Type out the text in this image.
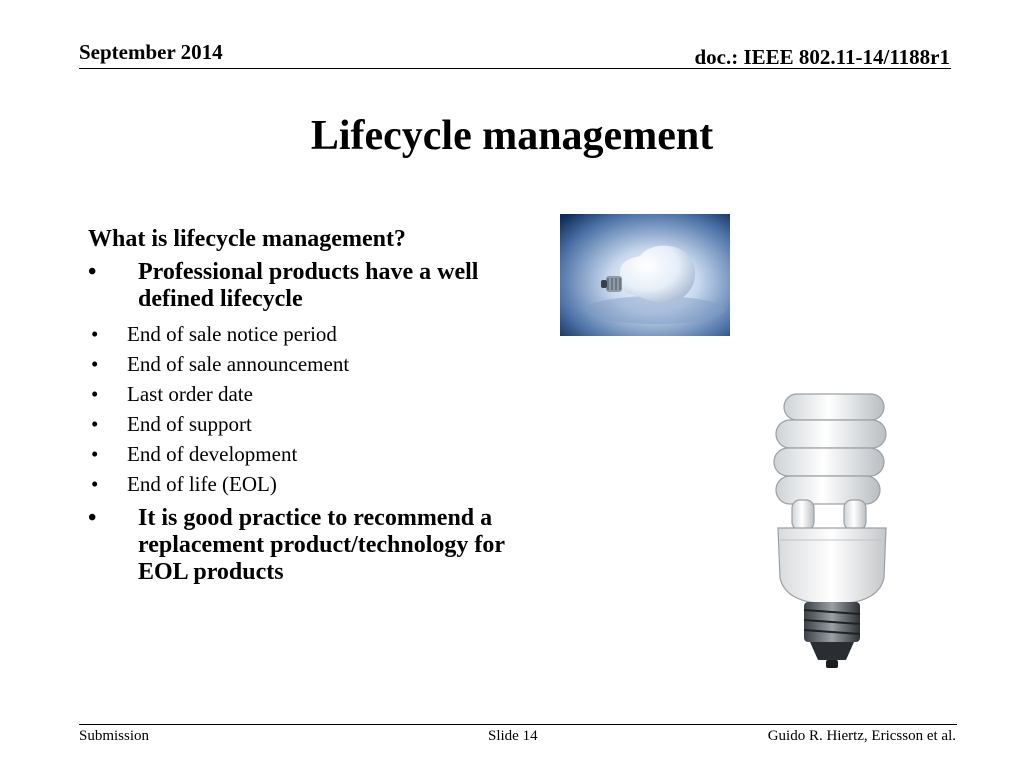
September 2014	doc.: IEEE 802.11-14/1188r1
Lifecycle management
What is lifecycle management?
• Professional products have a well defined lifecycle
• End of sale notice period
• End of sale announcement
• Last order date
• End of support
• End of development
• End of life (EOL)
• It is good practice to recommend a replacement product/technology for EOL products
Submission	Slide 14	Guido R. Hiertz, Ericsson et al.
